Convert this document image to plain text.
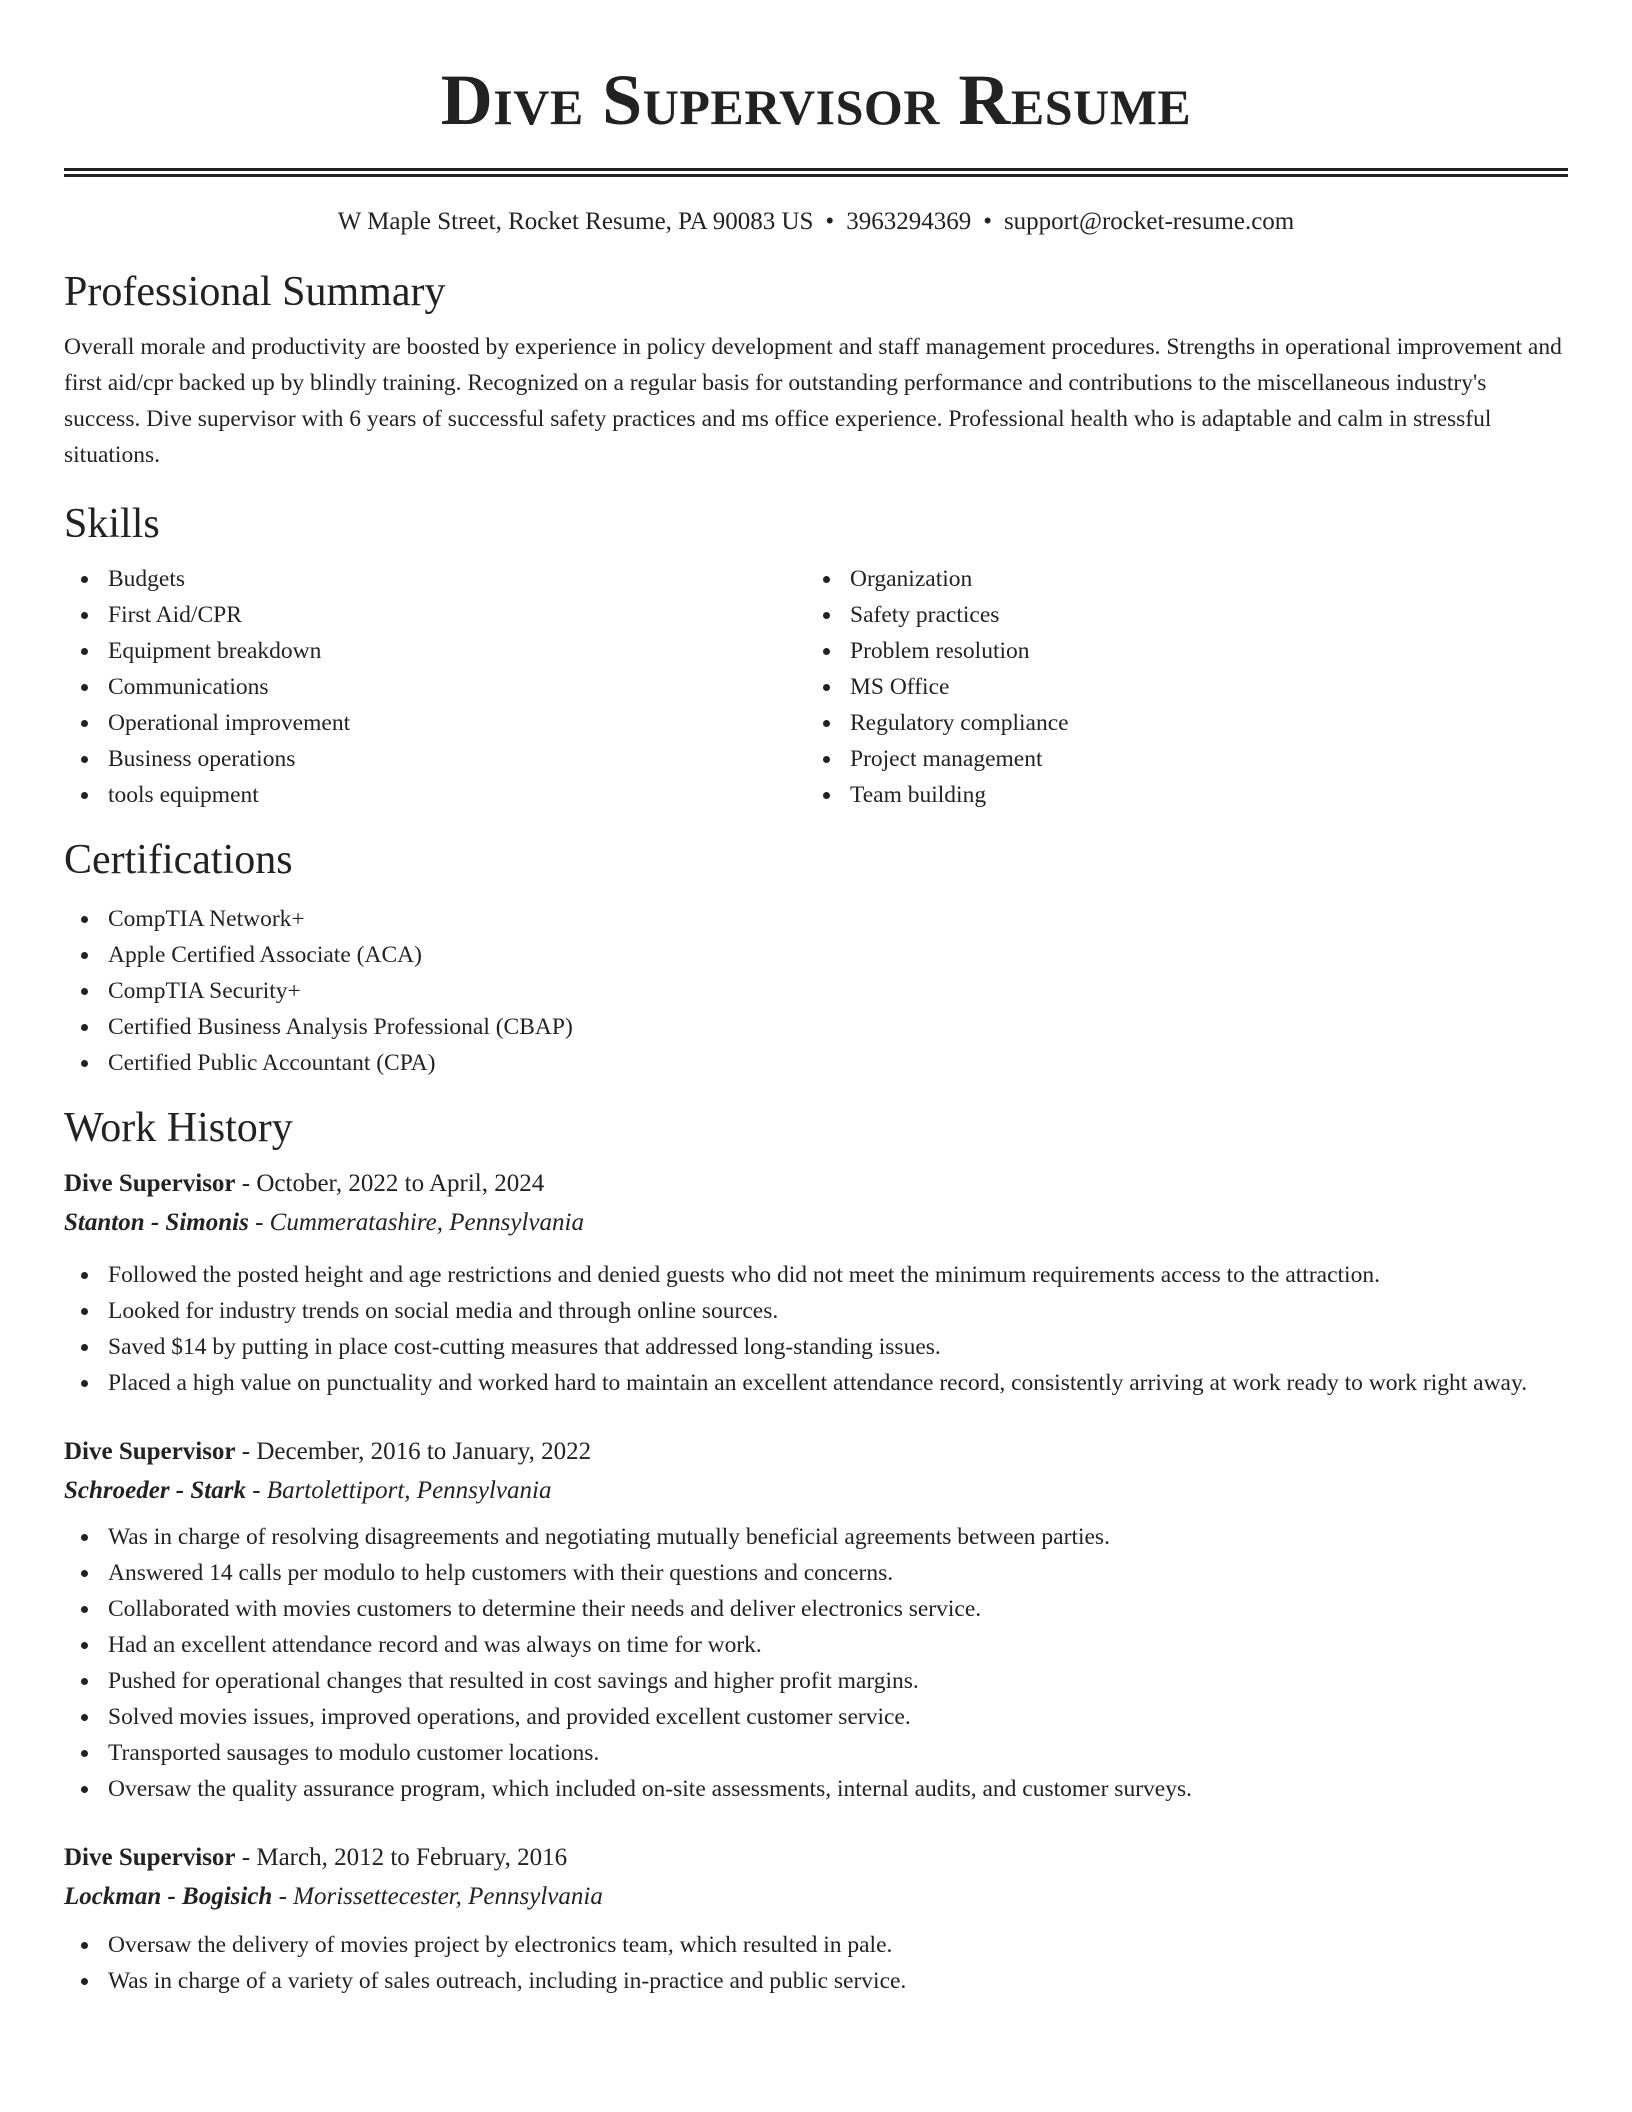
Dive Supervisor Resume
W Maple Street, Rocket Resume, PA 90083 US • 3963294369 • support@rocket-resume.com
Professional Summary

Overall morale and productivity are boosted by experience in policy development and staff management procedures. Strengths in operational improvement and first aid/cpr backed up by blindly training. Recognized on a regular basis for outstanding performance and contributions to the miscellaneous industry's success. Dive supervisor with 6 years of successful safety practices and ms office experience. Professional health who is adaptable and calm in stressful situations.

Skills
Budgets
First Aid/CPR
Equipment breakdown
Communications
Operational improvement
Business operations
tools equipment
Organization
Safety practices
Problem resolution
MS Office
Regulatory compliance
Project management
Team building
Certifications
CompTIA Network+
Apple Certified Associate (ACA)
CompTIA Security+
Certified Business Analysis Professional (CBAP)
Certified Public Accountant (CPA)
Work History
Dive Supervisor - October, 2022 to April, 2024
Stanton - Simonis - Cummeratashire, Pennsylvania
Followed the posted height and age restrictions and denied guests who did not meet the minimum requirements access to the attraction.
Looked for industry trends on social media and through online sources.
Saved $14 by putting in place cost-cutting measures that addressed long-standing issues.
Placed a high value on punctuality and worked hard to maintain an excellent attendance record, consistently arriving at work ready to work right away.
Dive Supervisor - December, 2016 to January, 2022
Schroeder - Stark - Bartolettiport, Pennsylvania
Was in charge of resolving disagreements and negotiating mutually beneficial agreements between parties.
Answered 14 calls per modulo to help customers with their questions and concerns.
Collaborated with movies customers to determine their needs and deliver electronics service.
Had an excellent attendance record and was always on time for work.
Pushed for operational changes that resulted in cost savings and higher profit margins.
Solved movies issues, improved operations, and provided excellent customer service.
Transported sausages to modulo customer locations.
Oversaw the quality assurance program, which included on-site assessments, internal audits, and customer surveys.
Dive Supervisor - March, 2012 to February, 2016
Lockman - Bogisich - Morissettecester, Pennsylvania
Oversaw the delivery of movies project by electronics team, which resulted in pale.
Was in charge of a variety of sales outreach, including in-practice and public service.
